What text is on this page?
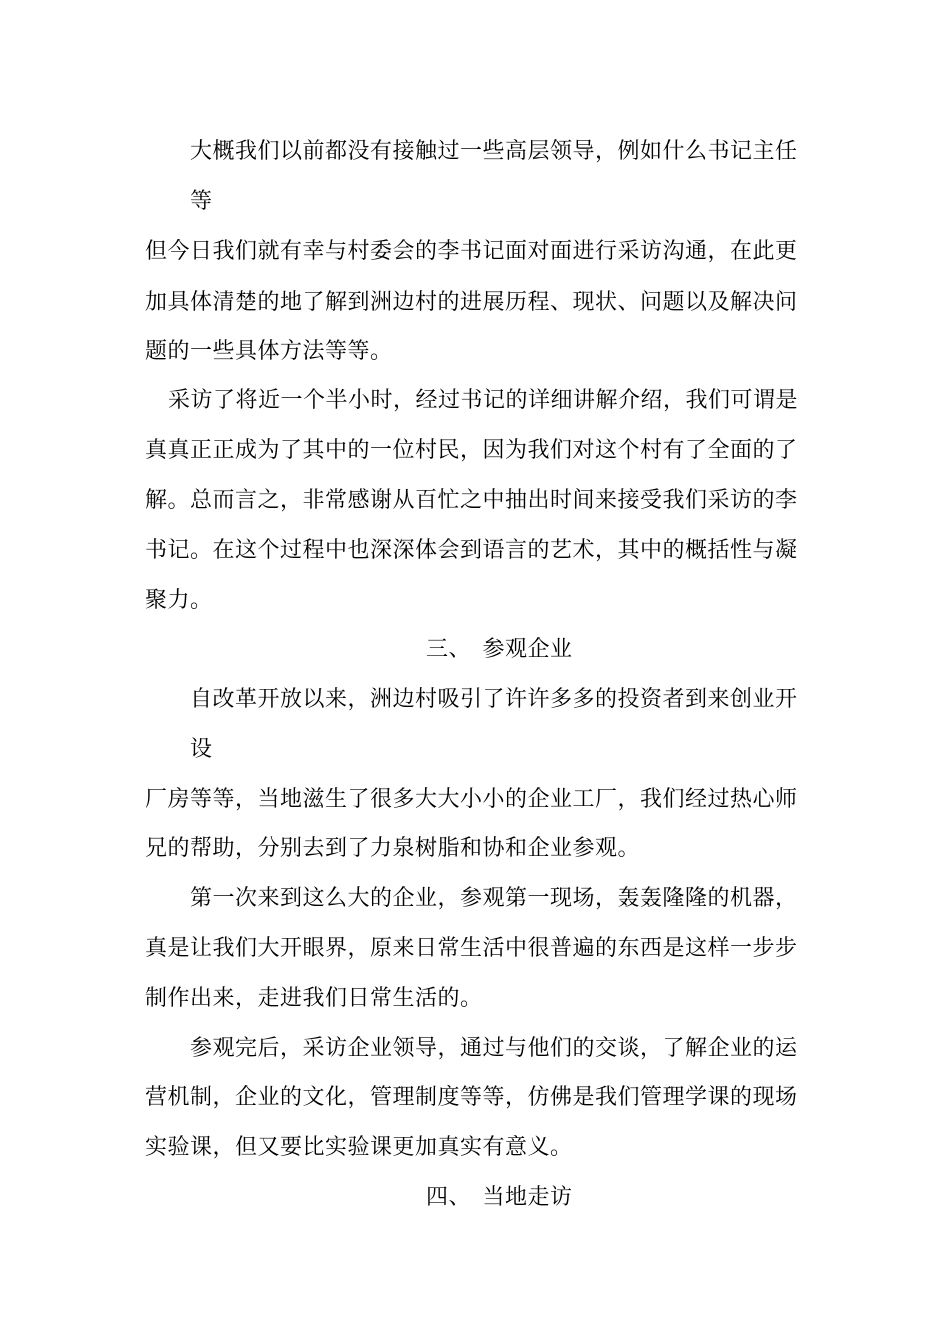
大概我们以前都没有接触过一些高层领导，例如什么书记主任
等
但今日我们就有幸与村委会的李书记面对面进行采访沟通，在此更
加具体清楚的地了解到洲边村的进展历程、现状、问题以及解决问
题的一些具体方法等等。
采访了将近一个半小时，经过书记的详细讲解介绍，我们可谓是
真真正正成为了其中的一位村民，因为我们对这个村有了全面的了
解。总而言之，非常感谢从百忙之中抽出时间来接受我们采访的李
书记。在这个过程中也深深体会到语言的艺术，其中的概括性与凝
聚力。
三、　参观企业
自改革开放以来，洲边村吸引了许许多多的投资者到来创业开
设
厂房等等，当地滋生了很多大大小小的企业工厂，我们经过热心师
兄的帮助，分别去到了力泉树脂和协和企业参观。
第一次来到这么大的企业，参观第一现场，轰轰隆隆的机器，
真是让我们大开眼界，原来日常生活中很普遍的东西是这样一步步
制作出来，走进我们日常生活的。
参观完后，采访企业领导，通过与他们的交谈，了解企业的运
营机制，企业的文化，管理制度等等，仿佛是我们管理学课的现场
实验课，但又要比实验课更加真实有意义。
四、　当地走访
